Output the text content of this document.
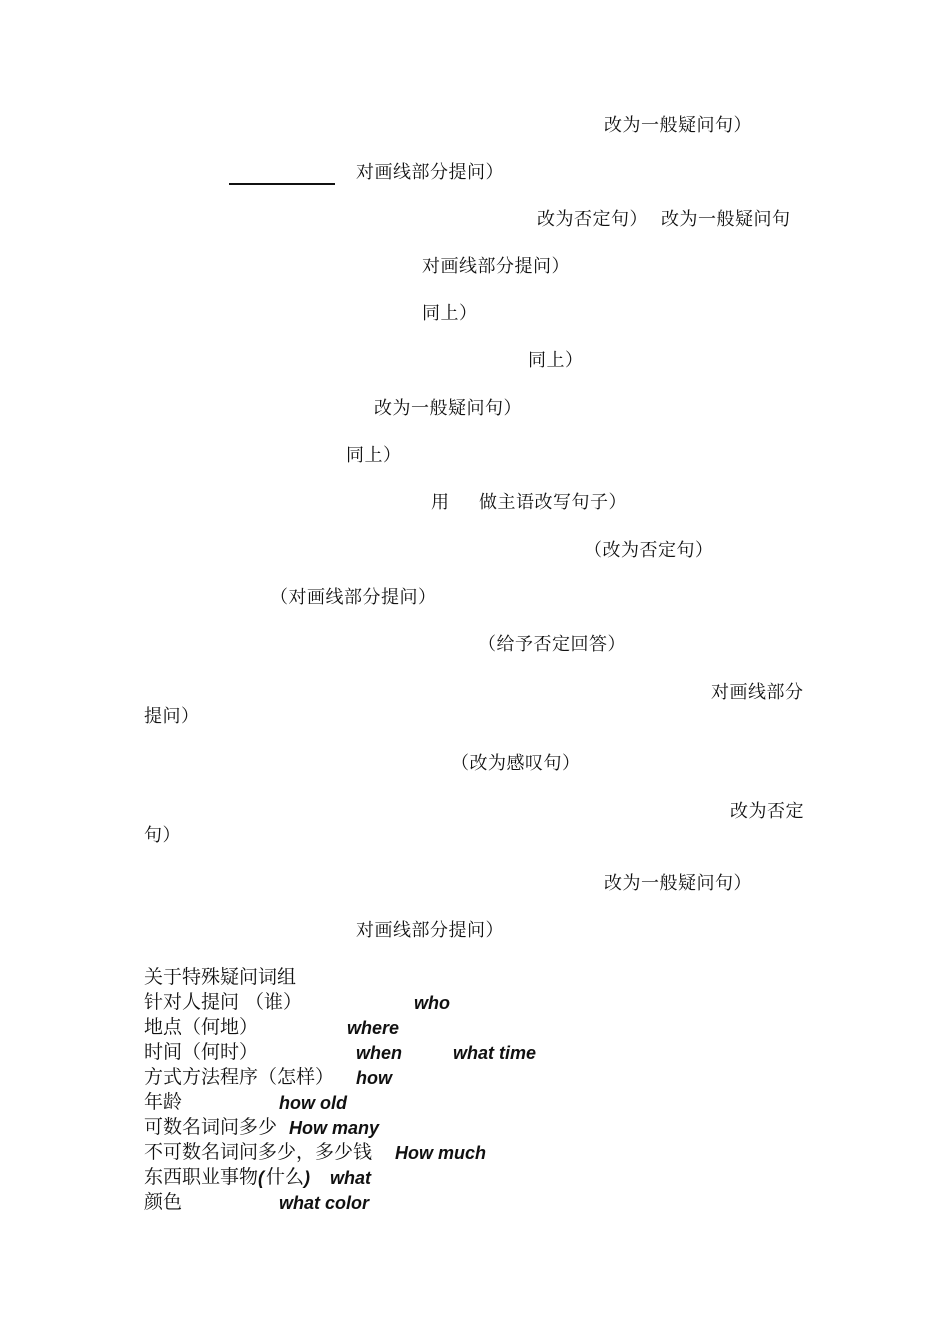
改为一般疑问句）
对画线部分提问）
改为否定句） 改为一般疑问句
对画线部分提问）
同上）
同上）
改为一般疑问句）
同上）
用 做主语改写句子）
（改为否定句）
（对画线部分提问）
（给予否定回答）
对画线部分
提问）
（改为感叹句）
改为否定
句）
改为一般疑问句）
对画线部分提问）
关于特殊疑问词组
针对人提问 （谁）	who
地点（何地）	where
时间（何时）	when	what time
方式方法程序（怎样） how
年龄	how old
可数名词问多少 How many
不可数名词问多少，多少钱 How much
东西职业事物 ( 什么 ) what
颜色	what color
